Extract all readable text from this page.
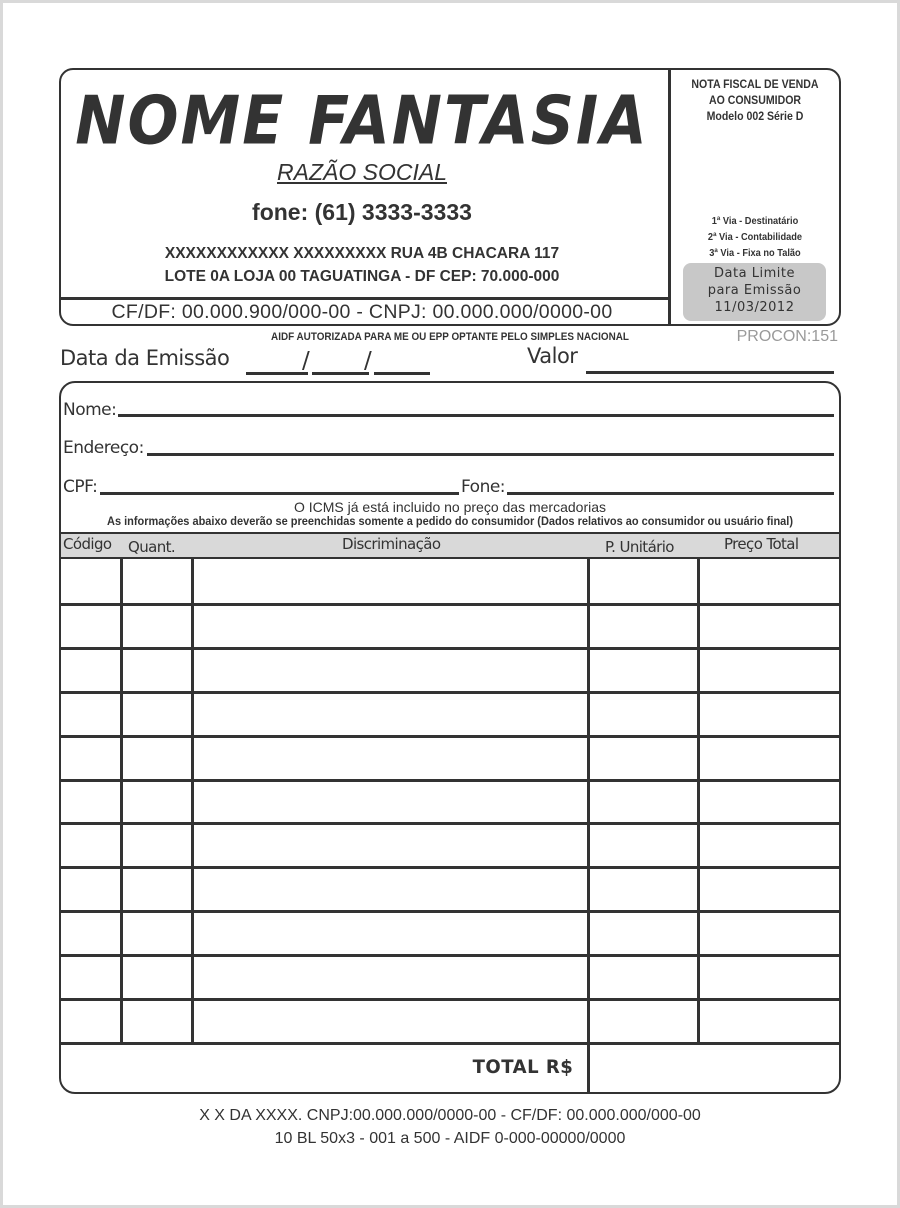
NOME FANTASIA
RAZÃO SOCIAL
fone: (61) 3333-3333
XXXXXXXXXXXX XXXXXXXXX RUA 4B CHACARA 117
LOTE 0A LOJA 00 TAGUATINGA - DF CEP: 70.000-000
CF/DF: 00.000.900/000-00 - CNPJ: 00.000.000/0000-00
NOTA FISCAL DE VENDA
AO CONSUMIDOR
Modelo 002 Série D
1ª Via - Destinatário
2ª Via - Contabilidade
3ª Via - Fixa no Talão
Data Limite
para Emissão
11/03/2012
AIDF AUTORIZADA PARA ME OU EPP OPTANTE PELO SIMPLES NACIONAL	PROCON:151
Data da Emissão	/ /	Valor
Nome:
Endereço:
CPF:	Fone:
O ICMS já está incluido no preço das mercadorias
As informações abaixo deverão se preenchidas somente a pedido do consumidor (Dados relativos ao consumidor ou usuário final)
Código Quant.	Discriminação	P. Unitário	Preço Total
TOTAL R$
X X DA XXXX. CNPJ:00.000.000/0000-00 - CF/DF: 00.000.000/000-00
10 BL 50x3 - 001 a 500 - AIDF 0-000-00000/0000
